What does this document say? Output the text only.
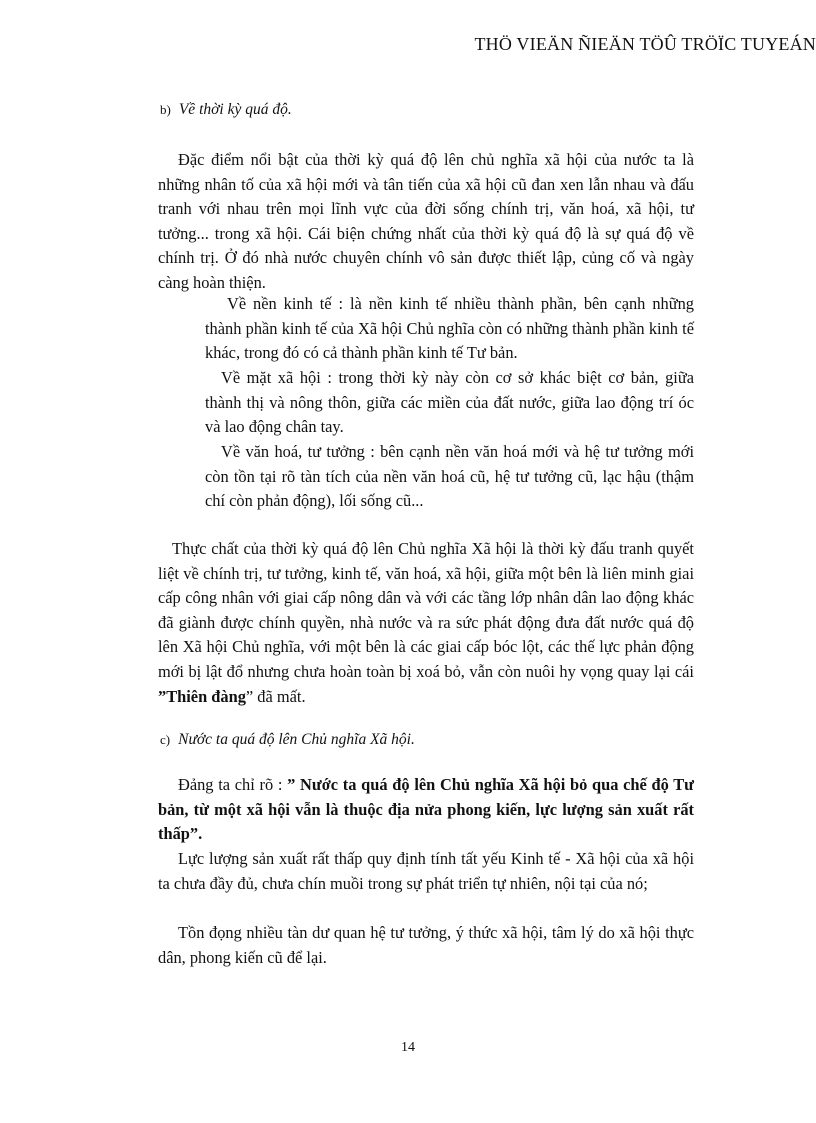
THÖ VIEÄN ÑIEÄN TÖÛ TRÖÏC TUYEÁN
b) Về thời kỳ quá độ.

Đặc điểm nổi bật của thời kỳ quá độ lên chủ nghĩa xã hội của nước ta là những nhân tố của xã hội mới và tân tiến của xã hội cũ đan xen lẫn nhau và đấu tranh với nhau trên mọi lĩnh vực của đời sống chính trị, văn hoá, xã hội, tư tưởng... trong xã hội. Cái biện chứng nhất của thời kỳ quá độ là sự quá độ về chính trị. Ở đó nhà nước chuyên chính vô sản được thiết lập, củng cố và ngày càng hoàn thiện.

Về nền kinh tế : là nền kinh tế nhiều thành phần, bên cạnh những thành phần kinh tế của Xã hội Chủ nghĩa còn có những thành phần kinh tế khác, trong đó có cả thành phần kinh tế Tư bản.

Về mặt xã hội : trong thời kỳ này còn cơ sở khác biệt cơ bản, giữa thành thị và nông thôn, giữa các miền của đất nước, giữa lao động trí óc và lao động chân tay.

Về văn hoá, tư tưởng : bên cạnh nền văn hoá mới và hệ tư tưởng mới còn tồn tại rõ tàn tích của nền văn hoá cũ, hệ tư tưởng cũ, lạc hậu (thậm chí còn phản động), lối sống cũ...

Thực chất của thời kỳ quá độ lên Chủ nghĩa Xã hội là thời kỳ đấu tranh quyết liệt về chính trị, tư tưởng, kinh tế, văn hoá, xã hội, giữa một bên là liên minh giai cấp công nhân với giai cấp nông dân và với các tầng lớp nhân dân lao động khác đã giành được chính quyền, nhà nước và ra sức phát động đưa đất nước quá độ lên Xã hội Chủ nghĩa, với một bên là các giai cấp bóc lột, các thế lực phản động mới bị lật đổ nhưng chưa hoàn toàn bị xoá bỏ, vẫn còn nuôi hy vọng quay lại cái ”Thiên đàng” đã mất.

c) Nước ta quá độ lên Chủ nghĩa Xã hội.

Đảng ta chỉ rõ : ” Nước ta quá độ lên Chủ nghĩa Xã hội bỏ qua chế độ Tư bản, từ một xã hội vẫn là thuộc địa nửa phong kiến, lực lượng sản xuất rất thấp”.

Lực lượng sản xuất rất thấp quy định tính tất yếu Kinh tế - Xã hội của xã hội ta chưa đầy đủ, chưa chín muồi trong sự phát triển tự nhiên, nội tại của nó;

Tồn đọng nhiều tàn dư quan hệ tư tưởng, ý thức xã hội, tâm lý do xã hội thực dân, phong kiến cũ để lại.

14
